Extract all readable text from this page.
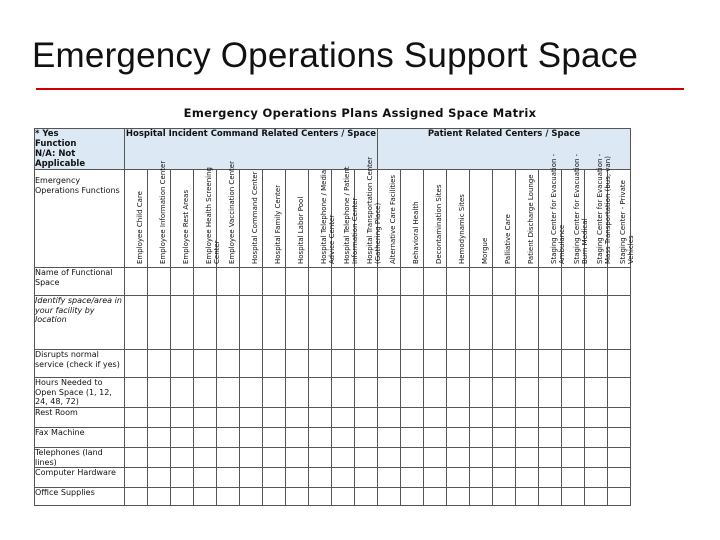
Emergency Operations Support Space
Emergency Operations Plans Assigned Space Matrix
* Yes
Function
N/A: Not
Applicable	Hospital Incident Command Related Centers / Space											Patient Related Centers / Space										
Emergency Operations Functions	Employee Child Care	Employee Information Center	Employee Rest Areas	Employee Health Screening Center	Employee Vaccination Center	Hospital Command Center	Hospital Family Center	Hospital Labor Pool	Hospital Telephone / Media Advice Center	Hospital Telephone / Patient Information Center	Hospital Transportation Center (Gathering Place)	Alternative Care Facilities	Behavioral Health	Decontamination Sites	Hemodynamic Sites	Morgue	Palliative Care	Patient Discharge Lounge	Staging Center for Evacuation - Ambulance	Staging Center for Evacuation - Burn Medical	Staging Center for Evacuation - Mass Transportation (bus, van)	Staging Center - Private Vehicles

Name of Functional Space																						
Identify space/area in your facility by location																						
Disrupts normal service (check if yes)																						
Hours Needed to Open Space (1, 12, 24, 48, 72)																						
Rest Room																						
Fax Machine																						
Telephones (land lines)																						
Computer Hardware																						
Office Supplies																						
